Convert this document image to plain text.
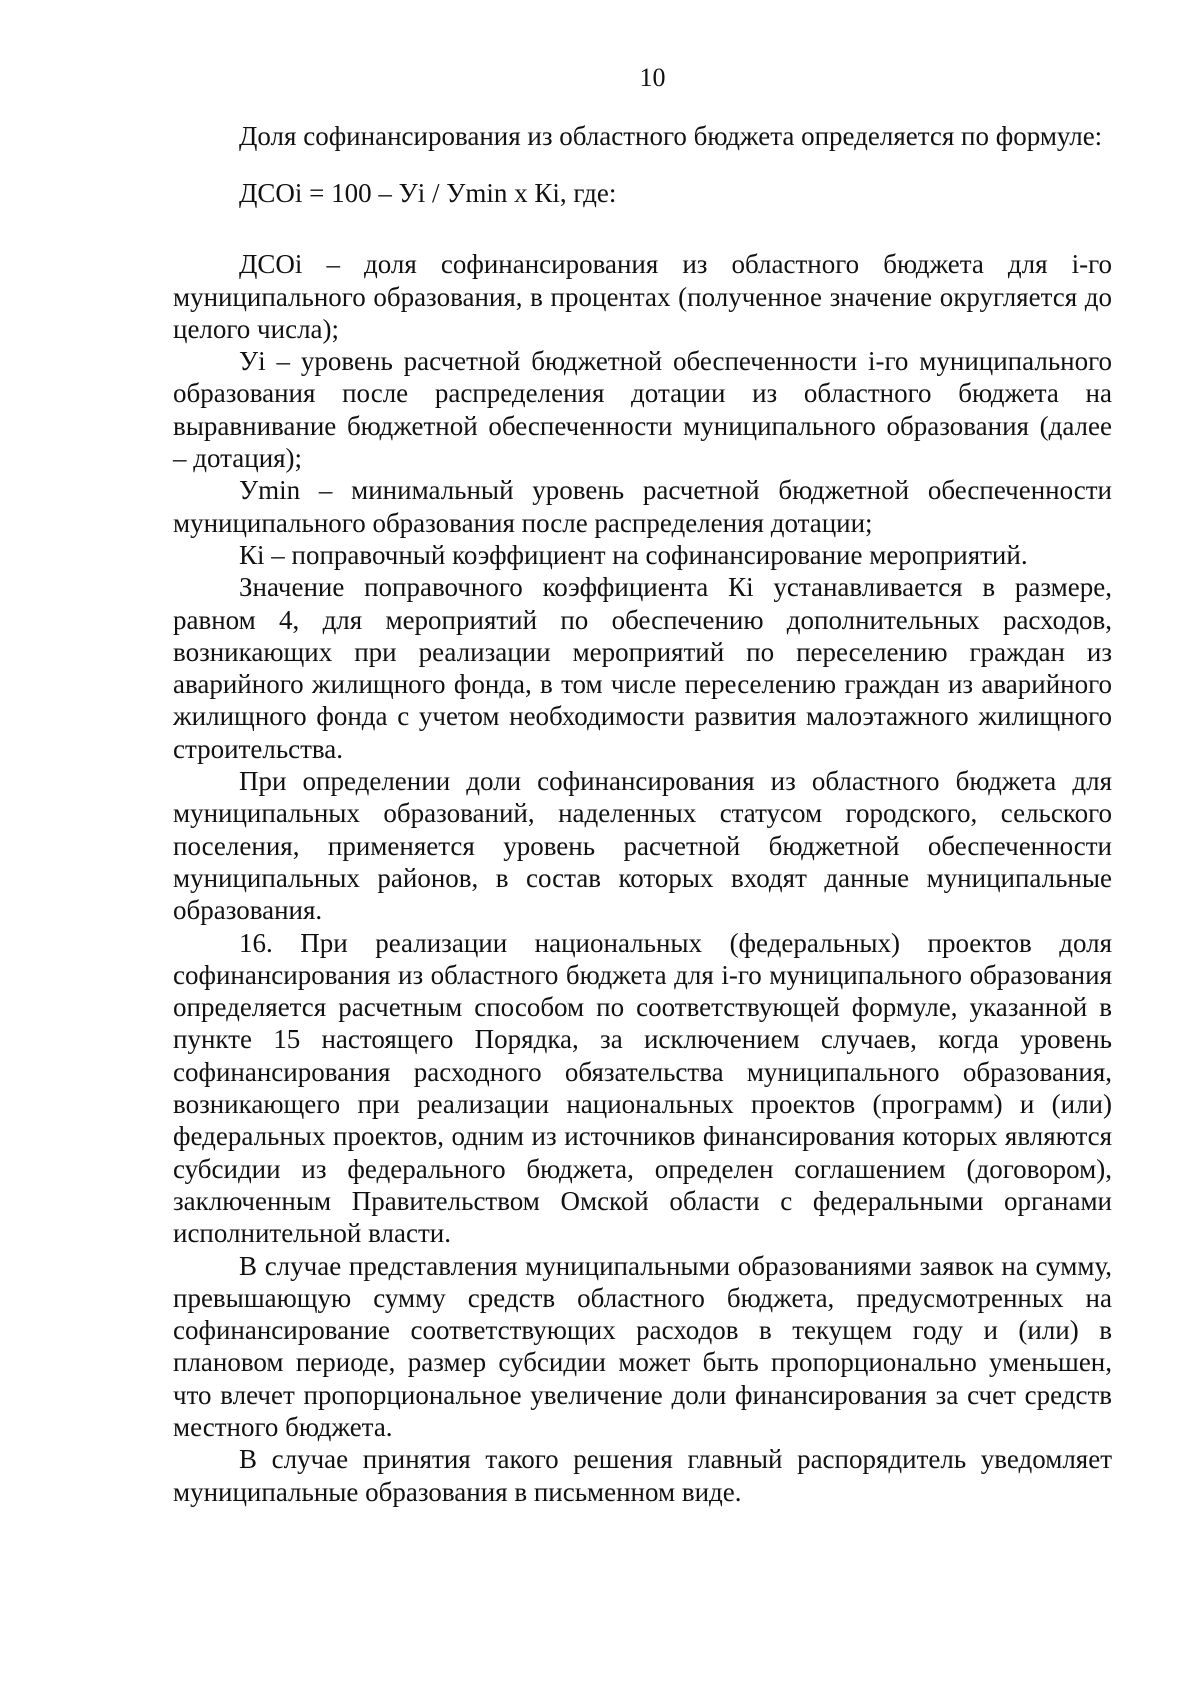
10

Доля софинансирования из областного бюджета определяется по формуле:

ДСОi = 100 – Уi / Уmin x Кi, где:

ДСОi – доля софинансирования из областного бюджета для i-го муниципального образования, в процентах (полученное значение округляется до целого числа);

Уi – уровень расчетной бюджетной обеспеченности i-го муниципального образования после распределения дотации из областного бюджета на выравнивание бюджетной обеспеченности муниципального образования (далее – дотация);

Уmin – минимальный уровень расчетной бюджетной обеспеченности муниципального образования после распределения дотации;

Кi – поправочный коэффициент на софинансирование мероприятий.

Значение поправочного коэффициента Кi устанавливается в размере, равном 4, для мероприятий по обеспечению дополнительных расходов, возникающих при реализации мероприятий по переселению граждан из аварийного жилищного фонда, в том числе переселению граждан из аварийного жилищного фонда с учетом необходимости развития малоэтажного жилищного строительства.

При определении доли софинансирования из областного бюджета для муниципальных образований, наделенных статусом городского, сельского поселения, применяется уровень расчетной бюджетной обеспеченности муниципальных районов, в состав которых входят данные муниципальные образования.

16. При реализации национальных (федеральных) проектов доля софинансирования из областного бюджета для i-го муниципального образования определяется расчетным способом по соответствующей формуле, указанной в пункте 15 настоящего Порядка, за исключением случаев, когда уровень софинансирования расходного обязательства муниципального образования, возникающего при реализации национальных проектов (программ) и (или) федеральных проектов, одним из источников финансирования которых являются субсидии из федерального бюджета, определен соглашением (договором), заключенным Правительством Омской области с федеральными органами исполнительной власти.

В случае представления муниципальными образованиями заявок на сумму, превышающую сумму средств областного бюджета, предусмотренных на софинансирование соответствующих расходов в текущем году и (или) в плановом периоде, размер субсидии может быть пропорционально уменьшен, что влечет пропорциональное увеличение доли финансирования за счет средств местного бюджета.

В случае принятия такого решения главный распорядитель уведомляет муниципальные образования в письменном виде.
